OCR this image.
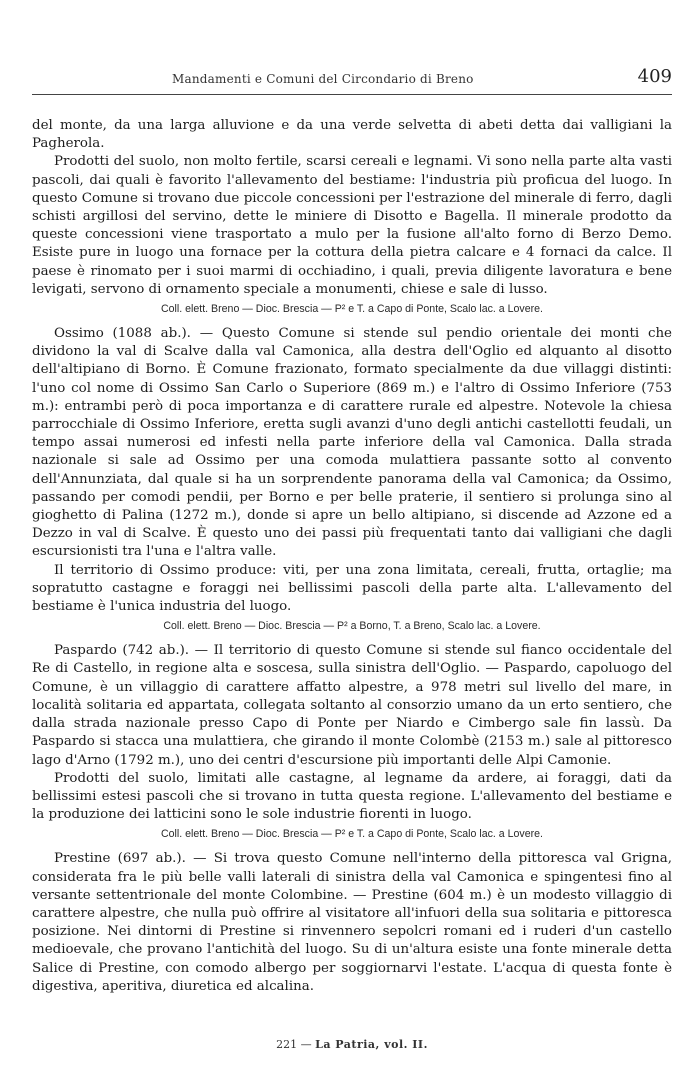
Mandamenti e Comuni del Circondario di Breno	409

del monte, da una larga alluvione e da una verde selvetta di abeti detta dai valligiani la Pagherola.

Prodotti del suolo, non molto fertile, scarsi cereali e legnami. Vi sono nella parte alta vasti pascoli, dai quali è favorito l'allevamento del bestiame: l'industria più proficua del luogo. In questo Comune si trovano due piccole concessioni per l'estrazione del minerale di ferro, dagli schisti argillosi del servino, dette le miniere di Disotto e Bagella. Il minerale prodotto da queste concessioni viene trasportato a mulo per la fusione all'alto forno di Berzo Demo. Esiste pure in luogo una fornace per la cottura della pietra calcare e 4 fornaci da calce. Il paese è rinomato per i suoi marmi di occhiadino, i quali, previa diligente lavoratura e bene levigati, servono di ornamento speciale a monumenti, chiese e sale di lusso.

Coll. elett. Breno — Dioc. Brescia — P² e T. a Capo di Ponte, Scalo lac. a Lovere.

Ossimo (1088 ab.). — Questo Comune si stende sul pendio orientale dei monti che dividono la val di Scalve dalla val Camonica, alla destra dell'Oglio ed alquanto al disotto dell'altipiano di Borno. È Comune frazionato, formato specialmente da due villaggi distinti: l'uno col nome di Ossimo San Carlo o Superiore (869 m.) e l'altro di Ossimo Inferiore (753 m.): entrambi però di poca importanza e di carattere rurale ed alpestre. Notevole la chiesa parrocchiale di Ossimo Inferiore, eretta sugli avanzi d'uno degli antichi castellotti feudali, un tempo assai numerosi ed infesti nella parte inferiore della val Camonica. Dalla strada nazionale si sale ad Ossimo per una comoda mulattiera passante sotto al convento dell'Annunziata, dal quale si ha un sorprendente panorama della val Camonica; da Ossimo, passando per comodi pendii, per Borno e per belle praterie, il sentiero si prolunga sino al gioghetto di Palina (1272 m.), donde si apre un bello altipiano, si discende ad Azzone ed a Dezzo in val di Scalve. È questo uno dei passi più frequentati tanto dai valligiani che dagli escursionisti tra l'una e l'altra valle.

Il territorio di Ossimo produce: viti, per una zona limitata, cereali, frutta, ortaglie; ma sopratutto castagne e foraggi nei bellissimi pascoli della parte alta. L'allevamento del bestiame è l'unica industria del luogo.

Coll. elett. Breno — Dioc. Brescia — P² a Borno, T. a Breno, Scalo lac. a Lovere.

Paspardo (742 ab.). — Il territorio di questo Comune si stende sul fianco occidentale del Re di Castello, in regione alta e soscesa, sulla sinistra dell'Oglio. — Paspardo, capoluogo del Comune, è un villaggio di carattere affatto alpestre, a 978 metri sul livello del mare, in località solitaria ed appartata, collegata soltanto al consorzio umano da un erto sentiero, che dalla strada nazionale presso Capo di Ponte per Niardo e Cimbergo sale fin lassù. Da Paspardo si stacca una mulattiera, che girando il monte Colombè (2153 m.) sale al pittoresco lago d'Arno (1792 m.), uno dei centri d'escursione più importanti delle Alpi Camonie.

Prodotti del suolo, limitati alle castagne, al legname da ardere, ai foraggi, dati da bellissimi estesi pascoli che si trovano in tutta questa regione. L'allevamento del bestiame e la produzione dei latticini sono le sole industrie fiorenti in luogo.

Coll. elett. Breno — Dioc. Brescia — P² e T. a Capo di Ponte, Scalo lac. a Lovere.

Prestine (697 ab.). — Si trova questo Comune nell'interno della pittoresca val Grigna, considerata fra le più belle valli laterali di sinistra della val Camonica e spingentesi fino al versante settentrionale del monte Colombine. — Prestine (604 m.) è un modesto villaggio di carattere alpestre, che nulla può offrire al visitatore all'infuori della sua solitaria e pittoresca posizione. Nei dintorni di Prestine si rinvennero sepolcri romani ed i ruderi d'un castello medioevale, che provano l'antichità del luogo. Su di un'altura esiste una fonte minerale detta Salice di Prestine, con comodo albergo per soggiornarvi l'estate. L'acqua di questa fonte è digestiva, aperitiva, diuretica ed alcalina.

221 — La Patria, vol. II.
